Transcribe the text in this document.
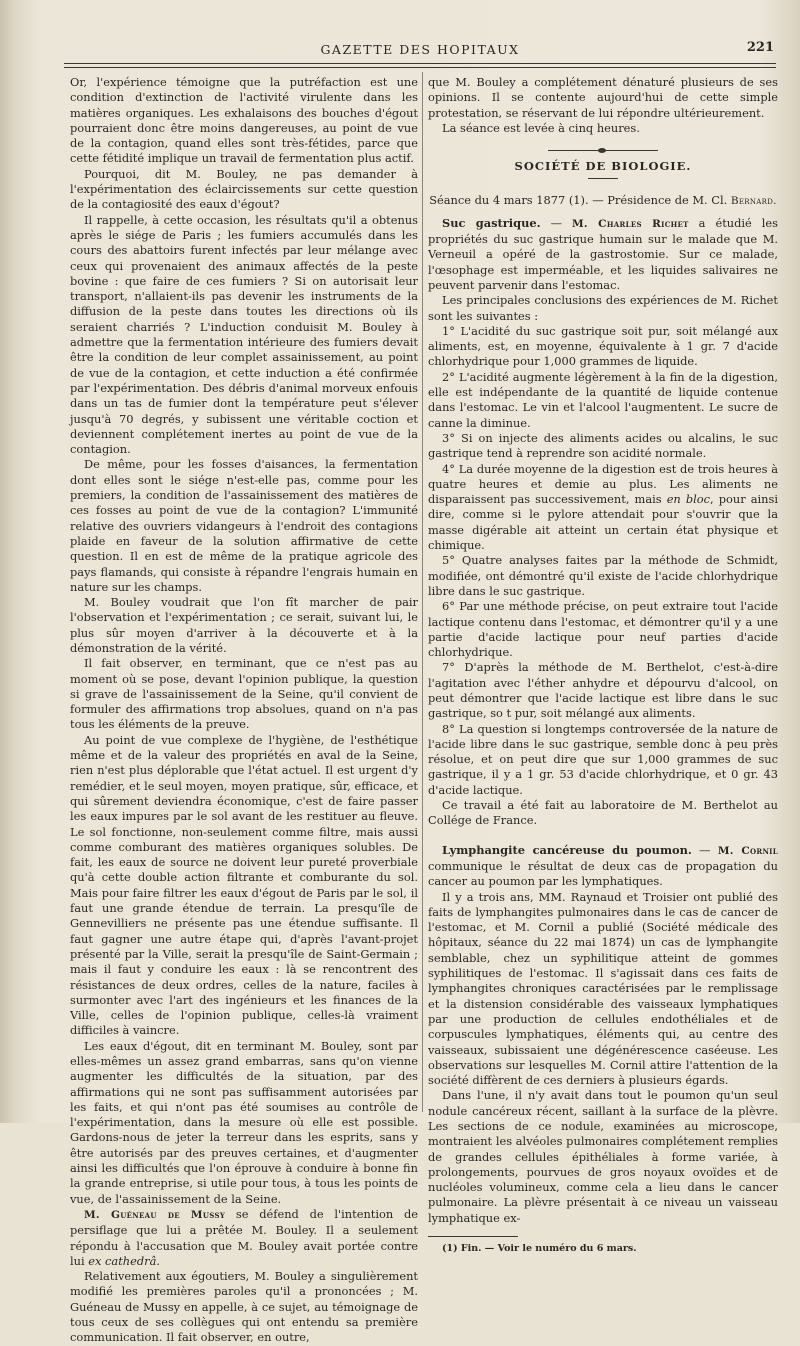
GAZETTE DES HOPITAUX	221

Or, l'expérience témoigne que la putréfaction est une condition d'extinction de l'activité virulente dans les matières organiques. Les exhalaisons des bouches d'égout pourraient donc être moins dangereuses, au point de vue de la contagion, quand elles sont très-fétides, parce que cette fétidité implique un travail de fermentation plus actif.

Pourquoi, dit M. Bouley, ne pas demander à l'expérimentation des éclaircissements sur cette question de la contagiosité des eaux d'égout?

Il rappelle, à cette occasion, les résultats qu'il a obtenus après le siége de Paris ; les fumiers accumulés dans les cours des abattoirs furent infectés par leur mélange avec ceux qui provenaient des animaux affectés de la peste bovine : que faire de ces fumiers ? Si on autorisait leur transport, n'allaient-ils pas devenir les instruments de la diffusion de la peste dans toutes les directions où ils seraient charriés ? L'induction conduisit M. Bouley à admettre que la fermentation intérieure des fumiers devait être la condition de leur complet assainissement, au point de vue de la contagion, et cette induction a été confirmée par l'expérimentation. Des débris d'animal morveux enfouis dans un tas de fumier dont la température peut s'élever jusqu'à 70 degrés, y subissent une véritable coction et deviennent complétement inertes au point de vue de la contagion.

De même, pour les fosses d'aisances, la fermentation dont elles sont le siége n'est-elle pas, comme pour les premiers, la condition de l'assainissement des matières de ces fosses au point de vue de la contagion? L'immunité relative des ouvriers vidangeurs à l'endroit des contagions plaide en faveur de la solution affirmative de cette question. Il en est de même de la pratique agricole des pays flamands, qui consiste à répandre l'engrais humain en nature sur les champs.

M. Bouley voudrait que l'on fît marcher de pair l'observation et l'expérimentation ; ce serait, suivant lui, le plus sûr moyen d'arriver à la découverte et à la démonstration de la vérité.

Il fait observer, en terminant, que ce n'est pas au moment où se pose, devant l'opinion publique, la question si grave de l'assainissement de la Seine, qu'il convient de formuler des affirmations trop absolues, quand on n'a pas tous les éléments de la preuve.

Au point de vue complexe de l'hygiène, de l'esthétique même et de la valeur des propriétés en aval de la Seine, rien n'est plus déplorable que l'état actuel. Il est urgent d'y remédier, et le seul moyen, moyen pratique, sûr, efficace, et qui sûrement deviendra économique, c'est de faire passer les eaux impures par le sol avant de les restituer au fleuve. Le sol fonctionne, non-seulement comme filtre, mais aussi comme comburant des matières organiques solubles. De fait, les eaux de source ne doivent leur pureté proverbiale qu'à cette double action filtrante et comburante du sol. Mais pour faire filtrer les eaux d'égout de Paris par le sol, il faut une grande étendue de terrain. La presqu'île de Gennevilliers ne présente pas une étendue suffisante. Il faut gagner une autre étape qui, d'après l'avant-projet présenté par la Ville, serait la presqu'île de Saint-Germain ; mais il faut y conduire les eaux : là se rencontrent des résistances de deux ordres, celles de la nature, faciles à surmonter avec l'art des ingénieurs et les finances de la Ville, celles de l'opinion publique, celles-là vraiment difficiles à vaincre.

Les eaux d'égout, dit en terminant M. Bouley, sont par elles-mêmes un assez grand embarras, sans qu'on vienne augmenter les difficultés de la situation, par des affirmations qui ne sont pas suffisamment autorisées par les faits, et qui n'ont pas été soumises au contrôle de l'expérimentation, dans la mesure où elle est possible. Gardons-nous de jeter la terreur dans les esprits, sans y être autorisés par des preuves certaines, et d'augmenter ainsi les difficultés que l'on éprouve à conduire à bonne fin la grande entreprise, si utile pour tous, à tous les points de vue, de l'assainissement de la Seine.

M. Guéneau de Mussy se défend de l'intention de persiflage que lui a prêtée M. Bouley. Il a seulement répondu à l'accusation que M. Bouley avait portée contre lui ex cathedrâ.

Relativement aux égoutiers, M. Bouley a singulièrement modifié les premières paroles qu'il a prononcées ; M. Guéneau de Mussy en appelle, à ce sujet, au témoignage de tous ceux de ses collègues qui ont entendu sa première communication. Il fait observer, en outre,

que M. Bouley a complétement dénaturé plusieurs de ses opinions. Il se contente aujourd'hui de cette simple protestation, se réservant de lui répondre ultérieurement.

La séance est levée à cinq heures.

SOCIÉTÉ DE BIOLOGIE.
Séance du 4 mars 1877 (1). — Présidence de M. Cl. Bernard.

Suc gastrique. — M. Charles Richet a étudié les propriétés du suc gastrique humain sur le malade que M. Verneuil a opéré de la gastrostomie. Sur ce malade, l'œsophage est imperméable, et les liquides salivaires ne peuvent parvenir dans l'estomac.

Les principales conclusions des expériences de M. Richet sont les suivantes :

1° L'acidité du suc gastrique soit pur, soit mélangé aux aliments, est, en moyenne, équivalente à 1 gr. 7 d'acide chlorhydrique pour 1,000 grammes de liquide.

2° L'acidité augmente légèrement à la fin de la digestion, elle est indépendante de la quantité de liquide contenue dans l'estomac. Le vin et l'alcool l'augmentent. Le sucre de canne la diminue.

3° Si on injecte des aliments acides ou alcalins, le suc gastrique tend à reprendre son acidité normale.

4° La durée moyenne de la digestion est de trois heures à quatre heures et demie au plus. Les aliments ne disparaissent pas successivement, mais en bloc, pour ainsi dire, comme si le pylore attendait pour s'ouvrir que la masse digérable ait atteint un certain état physique et chimique.

5° Quatre analyses faites par la méthode de Schmidt, modifiée, ont démontré qu'il existe de l'acide chlorhydrique libre dans le suc gastrique.

6° Par une méthode précise, on peut extraire tout l'acide lactique contenu dans l'estomac, et démontrer qu'il y a une partie d'acide lactique pour neuf parties d'acide chlorhydrique.

7° D'après la méthode de M. Berthelot, c'est-à-dire l'agitation avec l'éther anhydre et dépourvu d'alcool, on peut démontrer que l'acide lactique est libre dans le suc gastrique, so t pur, soit mélangé aux aliments.

8° La question si longtemps controversée de la nature de l'acide libre dans le suc gastrique, semble donc à peu près résolue, et on peut dire que sur 1,000 grammes de suc gastrique, il y a 1 gr. 53 d'acide chlorhydrique, et 0 gr. 43 d'acide lactique.

Ce travail a été fait au laboratoire de M. Berthelot au Collége de France.

Lymphangite cancéreuse du poumon. — M. Cornil communique le résultat de deux cas de propagation du cancer au poumon par les lymphatiques.

Il y a trois ans, MM. Raynaud et Troisier ont publié des faits de lymphangites pulmonaires dans le cas de cancer de l'estomac, et M. Cornil a publié (Société médicale des hôpitaux, séance du 22 mai 1874) un cas de lymphangite semblable, chez un syphilitique atteint de gommes syphilitiques de l'estomac. Il s'agissait dans ces faits de lymphangites chroniques caractérisées par le remplissage et la distension considérable des vaisseaux lymphatiques par une production de cellules endothéliales et de corpuscules lymphatiques, éléments qui, au centre des vaisseaux, subissaient une dégénérescence caséeuse. Les observations sur lesquelles M. Cornil attire l'attention de la société diffèrent de ces derniers à plusieurs égards.

Dans l'une, il n'y avait dans tout le poumon qu'un seul nodule cancéreux récent, saillant à la surface de la plèvre. Les sections de ce nodule, examinées au microscope, montraient les alvéoles pulmonaires complétement remplies de grandes cellules épithéliales à forme variée, à prolongements, pourvues de gros noyaux ovoïdes et de nucléoles volumineux, comme cela a lieu dans le cancer pulmonaire. La plèvre présentait à ce niveau un vaisseau lymphatique ex-

(1) Fin. — Voir le numéro du 6 mars.
